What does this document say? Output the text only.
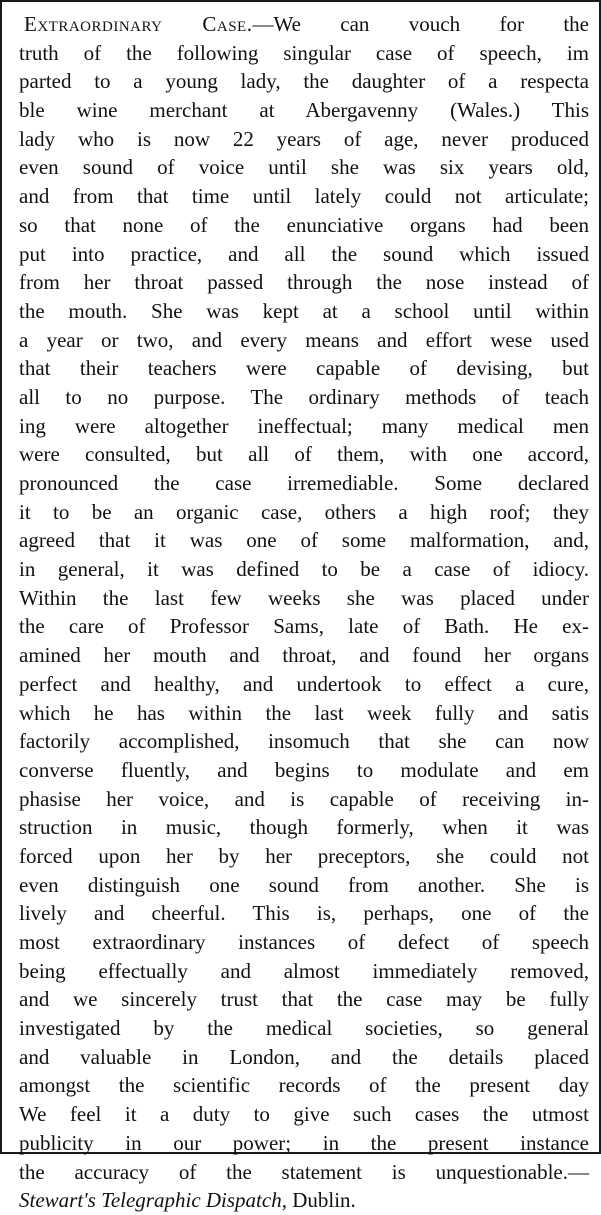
Extraordinary Case.—We can vouch for the
truth of the following singular case of speech, im
parted to a young lady, the daughter of a respecta
ble wine merchant at Abergavenny (Wales.) This
lady who is now 22 years of age, never produced
even sound of voice until she was six years old,
and from that time until lately could not articulate;
so that none of the enunciative organs had been
put into practice, and all the sound which issued
from her throat passed through the nose instead of
the mouth. She was kept at a school until within
a year or two, and every means and effort wese used
that their teachers were capable of devising, but
all to no purpose. The ordinary methods of teach
ing were altogether ineffectual; many medical men
were consulted, but all of them, with one accord,
pronounced the case irremediable. Some declared
it to be an organic case, others a high roof; they
agreed that it was one of some malformation, and,
in general, it was defined to be a case of idiocy.
Within the last few weeks she was placed under
the care of Professor Sams, late of Bath. He ex-
amined her mouth and throat, and found her organs
perfect and healthy, and undertook to effect a cure,
which he has within the last week fully and satis
factorily accomplished, insomuch that she can now
converse fluently, and begins to modulate and em
phasise her voice, and is capable of receiving in-
struction in music, though formerly, when it was
forced upon her by her preceptors, she could not
even distinguish one sound from another. She is
lively and cheerful. This is, perhaps, one of the
most extraordinary instances of defect of speech
being effectually and almost immediately removed,
and we sincerely trust that the case may be fully
investigated by the medical societies, so general
and valuable in London, and the details placed
amongst the scientific records of the present day
We feel it a duty to give such cases the utmost
publicity in our power; in the present instance
the accuracy of the statement is unquestionable.—
Stewart's Telegraphic Dispatch, Dublin.
